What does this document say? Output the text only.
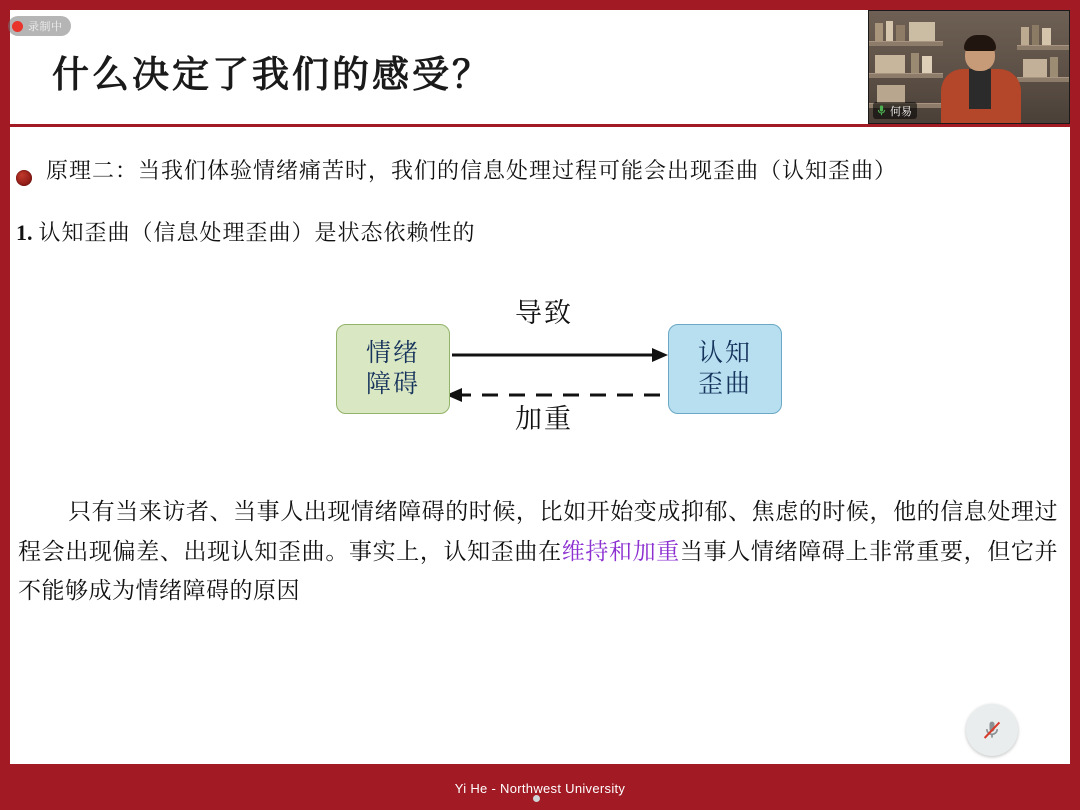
录制中
什么决定了我们的感受？
原理二：当我们体验情绪痛苦时，我们的信息处理过程可能会出现歪曲（认知歪曲）
1. 认知歪曲（信息处理歪曲）是状态依赖性的
情绪
障碍
认知
歪曲
导致
加重
只有当来访者、当事人出现情绪障碍的时候，比如开始变成抑郁、焦虑的时候，他的信息处理过程会出现偏差、出现认知歪曲。事实上，认知歪曲在维持和加重当事人情绪障碍上非常重要，但它并不能够成为情绪障碍的原因
Yi He - Northwest University
何易
